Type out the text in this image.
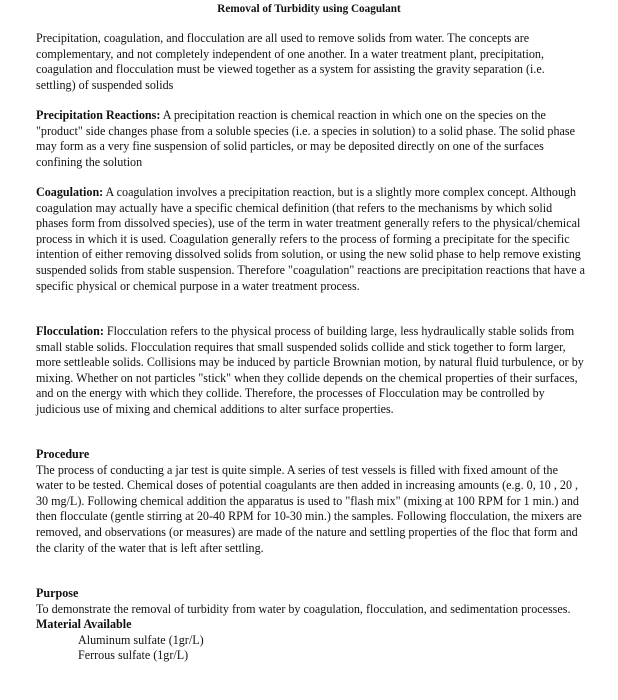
Removal of Turbidity using Coagulant

Precipitation, coagulation, and flocculation are all used to remove solids from water. The concepts are complementary, and not completely independent of one another. In a water treatment plant, precipitation, coagulation and flocculation must be viewed together as a system for assisting the gravity separation (i.e. settling) of suspended solids

Precipitation Reactions: A precipitation reaction is chemical reaction in which one on the species on the "product" side changes phase from a soluble species (i.e. a species in solution) to a solid phase. The solid phase may form as a very fine suspension of solid particles, or may be deposited directly on one of the surfaces confining the solution

Coagulation: A coagulation involves a precipitation reaction, but is a slightly more complex concept. Although coagulation may actually have a specific chemical definition (that refers to the mechanisms by which solid phases form from dissolved species), use of the term in water treatment generally refers to the physical/chemical process in which it is used. Coagulation generally refers to the process of forming a precipitate for the specific intention of either removing dissolved solids from solution, or using the new solid phase to help remove existing suspended solids from stable suspension. Therefore "coagulation" reactions are precipitation reactions that have a specific physical or chemical purpose in a water treatment process.

Flocculation: Flocculation refers to the physical process of building large, less hydraulically stable solids from small stable solids. Flocculation requires that small suspended solids collide and stick together to form larger, more settleable solids. Collisions may be induced by particle Brownian motion, by natural fluid turbulence, or by mixing. Whether on not particles "stick" when they collide depends on the chemical properties of their surfaces, and on the energy with which they collide. Therefore, the processes of Flocculation may be controlled by judicious use of mixing and chemical additions to alter surface properties.

Procedure
The process of conducting a jar test is quite simple. A series of test vessels is filled with fixed amount of the water to be tested. Chemical doses of potential coagulants are then added in increasing amounts (e.g. 0, 10 , 20 , 30 mg/L). Following chemical addition the apparatus is used to "flash mix" (mixing at 100 RPM for 1 min.) and then flocculate (gentle stirring at 20-40 RPM for 10-30 min.) the samples. Following flocculation, the mixers are removed, and observations (or measures) are made of the nature and settling properties of the floc that form and the clarity of the water that is left after settling.
Purpose
To demonstrate the removal of turbidity from water by coagulation, flocculation, and sedimentation processes.
Material Available
Aluminum sulfate (1gr/L)
Ferrous sulfate (1gr/L)
